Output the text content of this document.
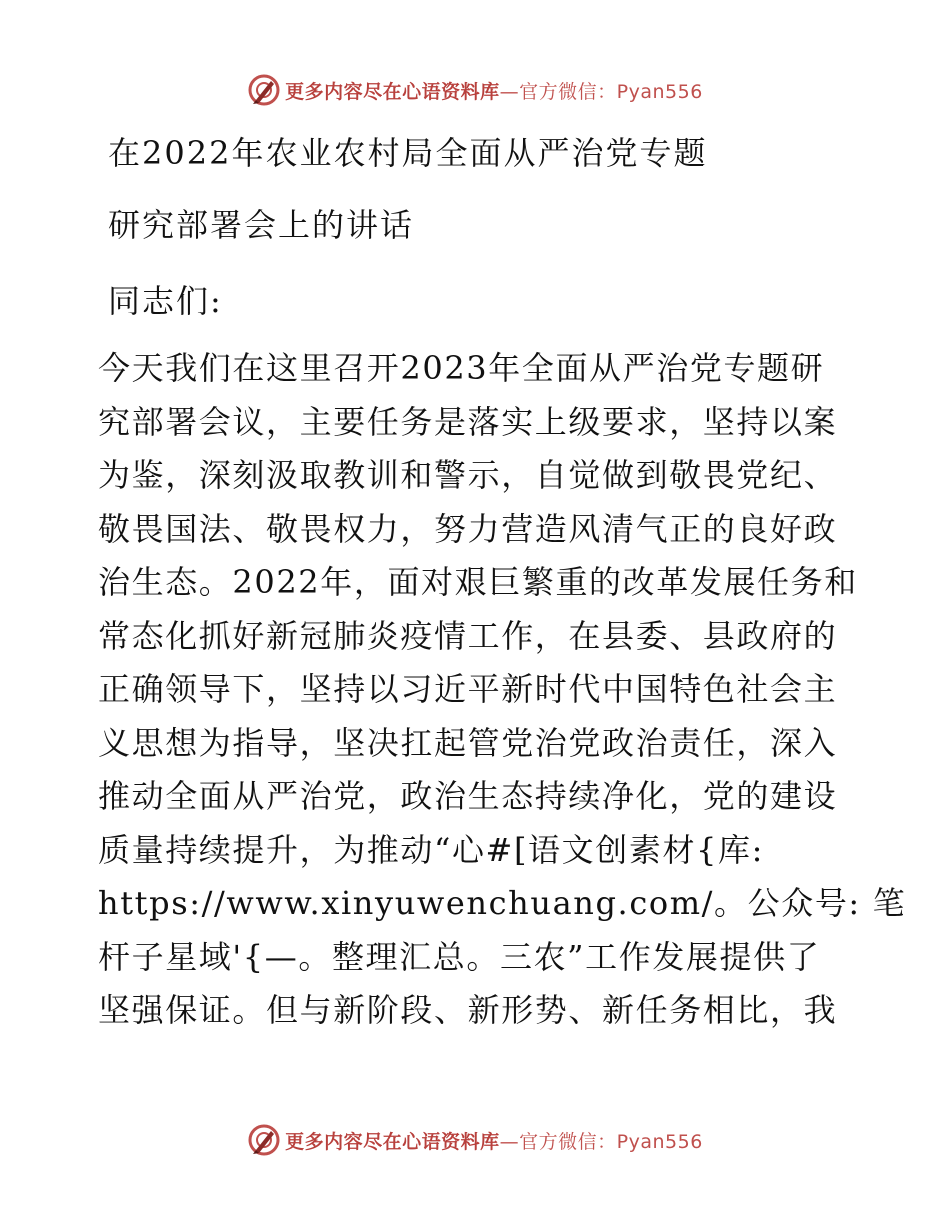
更多内容尽在心语资料库—官方微信：Pyan556
在2022年农业农村局全面从严治党专题
研究部署会上的讲话
同志们:
今天我们在这里召开2023年全面从严治党专题研
究部署会议，主要任务是落实上级要求，坚持以案
为鉴，深刻汲取教训和警示，自觉做到敬畏党纪、
敬畏国法、敬畏权力，努力营造风清气正的良好政
治生态。2022年，面对艰巨繁重的改革发展任务和
常态化抓好新冠肺炎疫情工作，在县委、县政府的
正确领导下，坚持以习近平新时代中国特色社会主
义思想为指导，坚决扛起管党治党政治责任，深入
推动全面从严治党，政治生态持续净化，党的建设
质量持续提升，为推动“心#[语文创素材{库:
https://www.xinyuwenchuang.com/。公众号: 笔
杆子星域'{—。整理汇总。三农”工作发展提供了
坚强保证。但与新阶段、新形势、新任务相比，我
更多内容尽在心语资料库—官方微信：Pyan556
